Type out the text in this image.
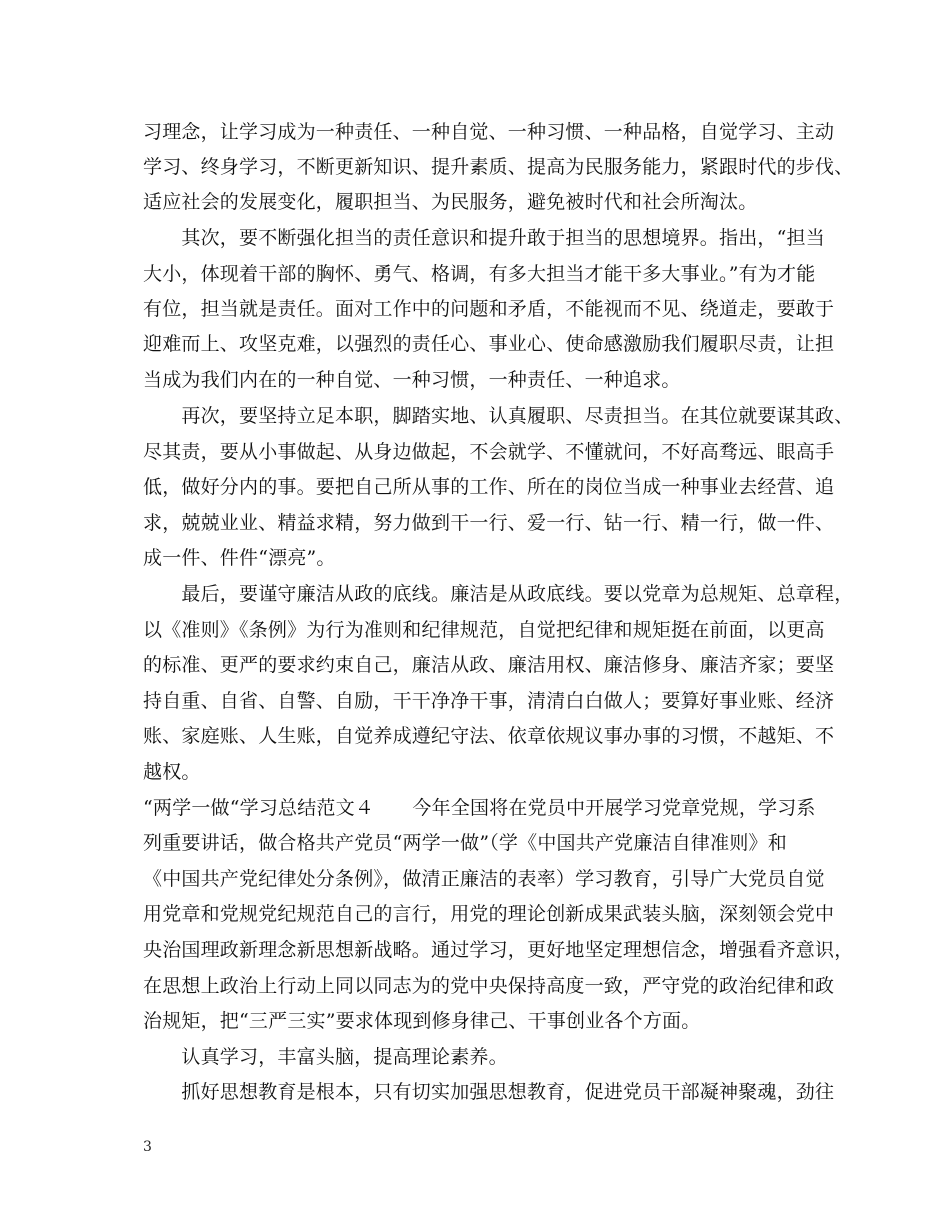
习理念，让学习成为一种责任、一种自觉、一种习惯、一种品格，自觉学习、主动
学习、终身学习，不断更新知识、提升素质、提高为民服务能力，紧跟时代的步伐、
适应社会的发展变化，履职担当、为民服务，避免被时代和社会所淘汰。
　　其次，要不断强化担当的责任意识和提升敢于担当的思想境界。指出，“担当
大小，体现着干部的胸怀、勇气、格调，有多大担当才能干多大事业。”有为才能
有位，担当就是责任。面对工作中的问题和矛盾，不能视而不见、绕道走，要敢于
迎难而上、攻坚克难，以强烈的责任心、事业心、使命感激励我们履职尽责，让担
当成为我们内在的一种自觉、一种习惯，一种责任、一种追求。
　　再次，要坚持立足本职，脚踏实地、认真履职、尽责担当。在其位就要谋其政、
尽其责，要从小事做起、从身边做起，不会就学、不懂就问，不好高骛远、眼高手
低，做好分内的事。要把自己所从事的工作、所在的岗位当成一种事业去经营、追
求，兢兢业业、精益求精，努力做到干一行、爱一行、钻一行、精一行，做一件、
成一件、件件“漂亮”。
　　最后，要谨守廉洁从政的底线。廉洁是从政底线。要以党章为总规矩、总章程，
以《准则》《条例》为行为准则和纪律规范，自觉把纪律和规矩挺在前面，以更高
的标准、更严的要求约束自己，廉洁从政、廉洁用权、廉洁修身、廉洁齐家；要坚
持自重、自省、自警、自励，干干净净干事，清清白白做人；要算好事业账、经济
账、家庭账、人生账，自觉养成遵纪守法、依章依规议事办事的习惯，不越矩、不
越权。
“两学一做“学习总结范文４　　今年全国将在党员中开展学习党章党规，学习系
列重要讲话，做合格共产党员“两学一做”（学《中国共产党廉洁自律准则》和
《中国共产党纪律处分条例》，做清正廉洁的表率）学习教育，引导广大党员自觉
用党章和党规党纪规范自己的言行，用党的理论创新成果武装头脑，深刻领会党中
央治国理政新理念新思想新战略。通过学习，更好地坚定理想信念，增强看齐意识，
在思想上政治上行动上同以同志为的党中央保持高度一致，严守党的政治纪律和政
治规矩，把“三严三实”要求体现到修身律己、干事创业各个方面。
　　认真学习，丰富头脑，提高理论素养。
　　抓好思想教育是根本，只有切实加强思想教育，促进党员干部凝神聚魂，劲往
3
